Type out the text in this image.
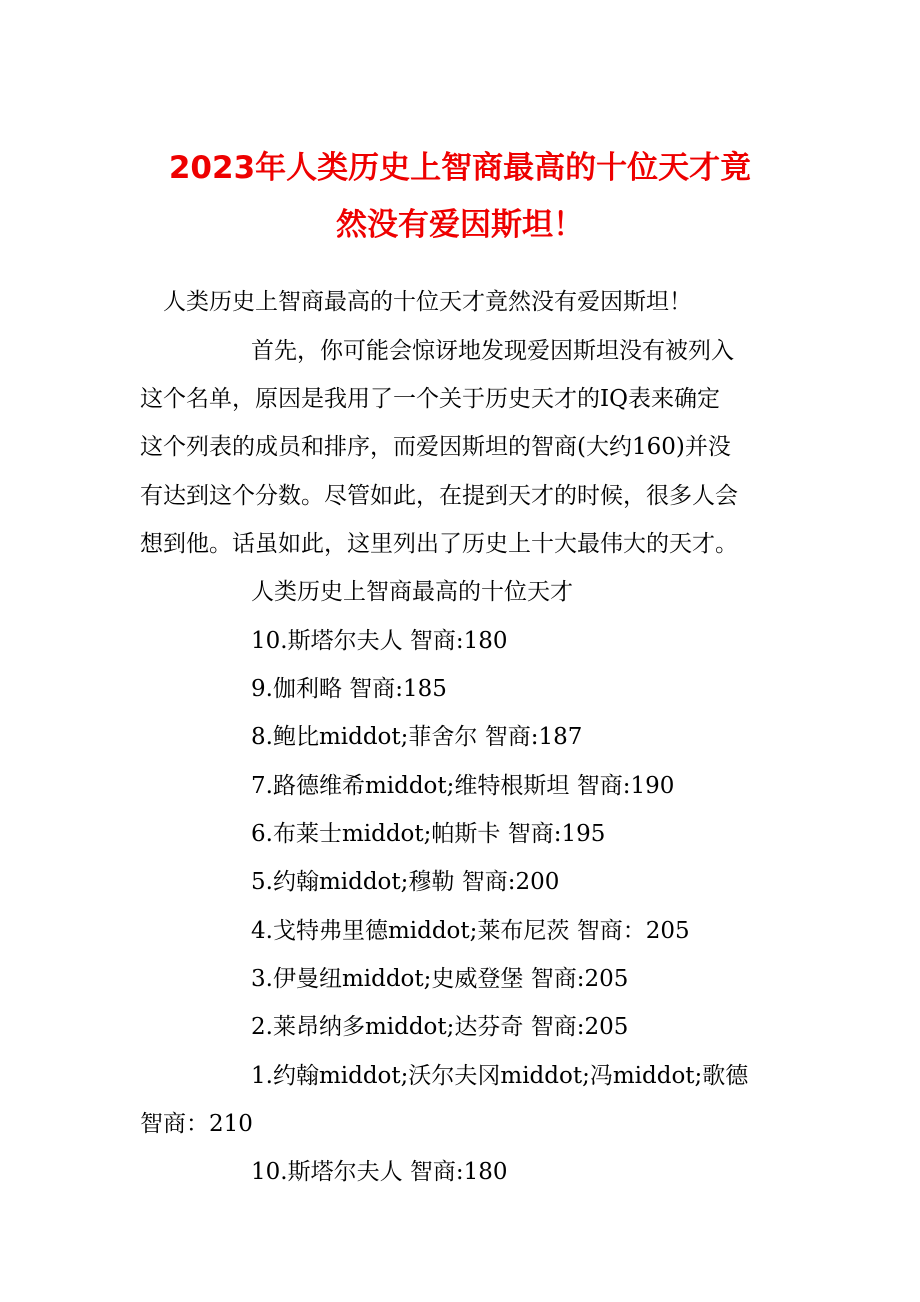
2023年人类历史上智商最高的十位天才竟
然没有爱因斯坦！
人类历史上智商最高的十位天才竟然没有爱因斯坦！
首先，你可能会惊讶地发现爱因斯坦没有被列入
这个名单，原因是我用了一个关于历史天才的IQ表来确定
这个列表的成员和排序，而爱因斯坦的智商(大约160)并没
有达到这个分数。尽管如此，在提到天才的时候，很多人会
想到他。话虽如此，这里列出了历史上十大最伟大的天才。
人类历史上智商最高的十位天才
10.斯塔尔夫人 智商:180
9.伽利略 智商:185
8.鲍比middot;菲舍尔 智商:187
7.路德维希middot;维特根斯坦 智商:190
6.布莱士middot;帕斯卡 智商:195
5.约翰middot;穆勒 智商:200
4.戈特弗里德middot;莱布尼茨 智商：205
3.伊曼纽middot;史威登堡 智商:205
2.莱昂纳多middot;达芬奇 智商:205
1.约翰middot;沃尔夫冈middot;冯middot;歌德
智商：210
10.斯塔尔夫人 智商:180
